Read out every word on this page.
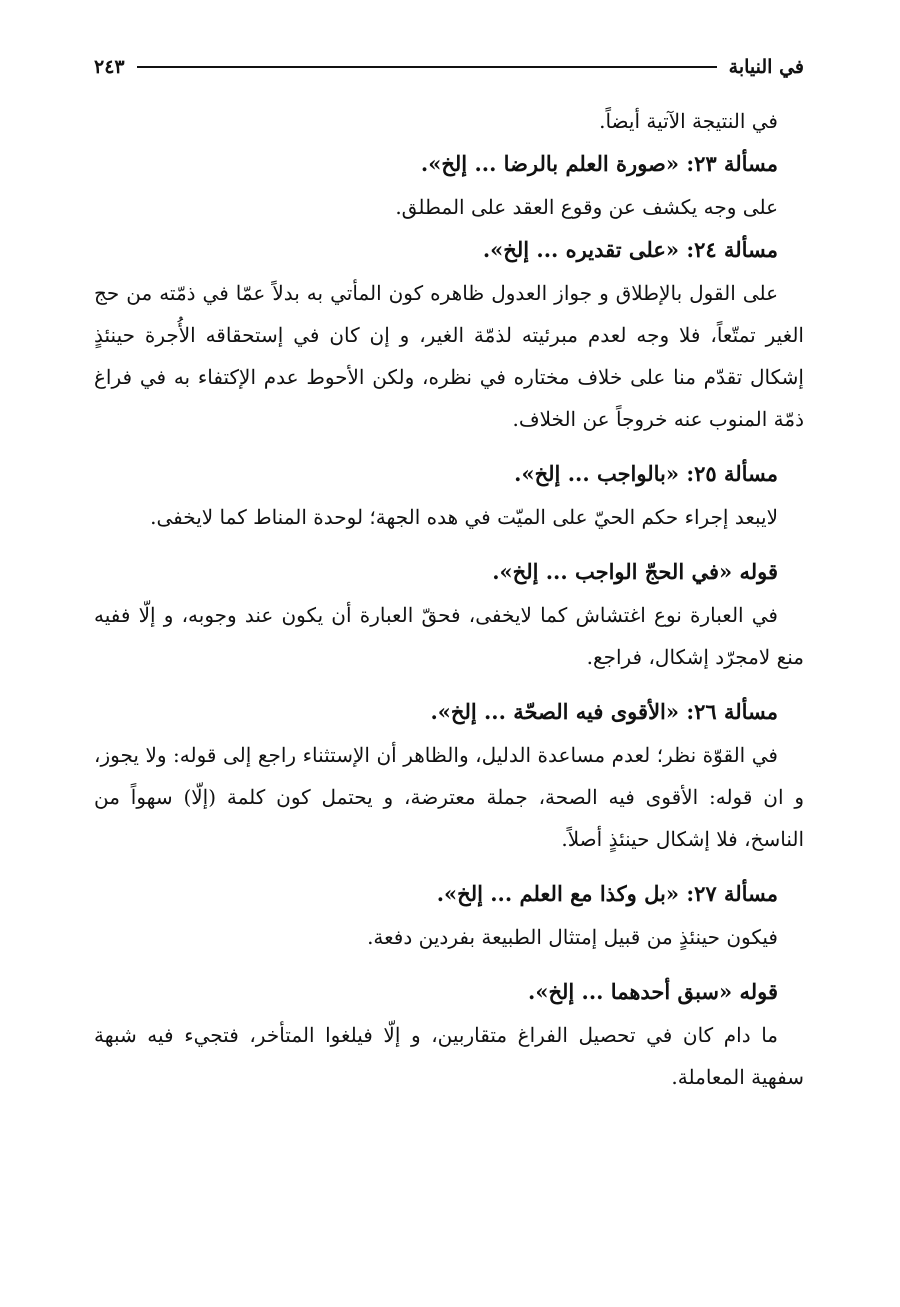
في النيابة
٢٤٣

في النتيجة الآتية أيضاً.

مسألة ٢٣: «صورة العلم بالرضا ... إلخ».

على وجه يكشف عن وقوع العقد على المطلق.

مسألة ٢٤: «على تقديره ... إلخ».

على القول بالإطلاق و جواز العدول ظاهره كون المأتي به بدلاً عمّا في ذمّته من حج الغير تمتّعاً، فلا وجه لعدم مبرئيته لذمّة الغير، و إن كان في إستحقاقه الأُجرة حينئذٍ إشكال تقدّم منا على خلاف مختاره في نظره، ولكن الأحوط عدم الإكتفاء به في فراغ ذمّة المنوب عنه خروجاً عن الخلاف.

مسألة ٢٥: «بالواجب ... إلخ».

لايبعد إجراء حكم الحيّ على الميّت في هده الجهة؛ لوحدة المناط كما لايخفى.

قوله «في الحجّ الواجب ... إلخ».

في العبارة نوع اغتشاش كما لايخفى، فحقّ العبارة أن يكون عند وجوبه، و إلّا ففيه منع لامجرّد إشكال، فراجع.

مسألة ٢٦: «الأقوى فيه الصحّة ... إلخ».

في القوّة نظر؛ لعدم مساعدة الدليل، والظاهر أن الإستثناء راجع إلى قوله: ولا يجوز، و ان قوله: الأقوى فيه الصحة، جملة معترضة، و يحتمل كون كلمة (إلّا) سهواً من الناسخ، فلا إشكال حينئذٍ أصلاً.

مسألة ٢٧: «بل وكذا مع العلم ... إلخ».

فيكون حينئذٍ من قبيل إمتثال الطبيعة بفردين دفعة.

قوله «سبق أحدهما ... إلخ».

ما دام كان في تحصيل الفراغ متقاربين، و إلّا فيلغوا المتأخر، فتجيء فيه شبهة سفهية المعاملة.
